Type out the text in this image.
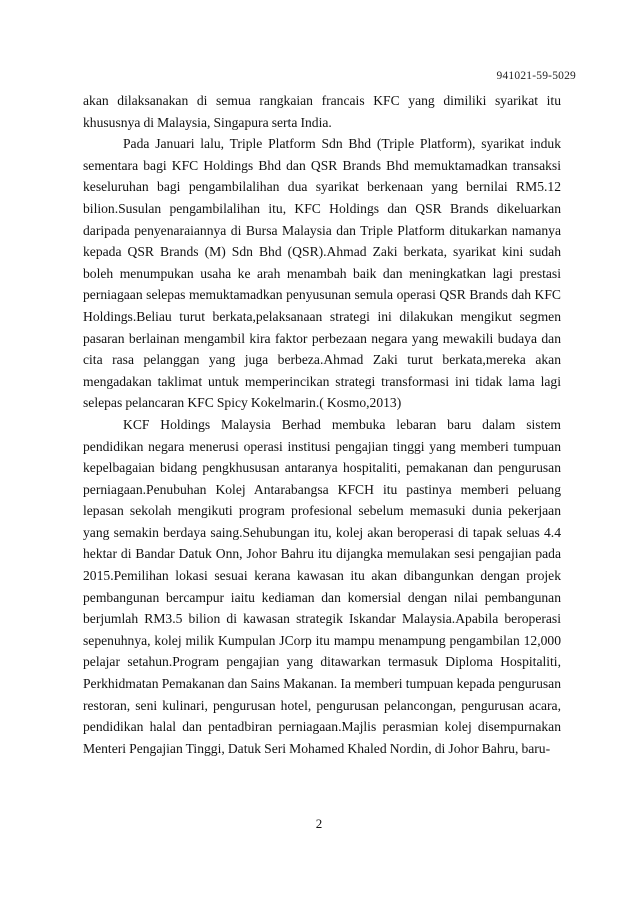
941021-59-5029

akan dilaksanakan di semua rangkaian francais KFC yang dimiliki syarikat itu khususnya di Malaysia, Singapura serta India.

Pada Januari lalu, Triple Platform Sdn Bhd (Triple Platform), syarikat induk sementara bagi KFC Holdings Bhd dan QSR Brands Bhd memuktamadkan transaksi keseluruhan bagi pengambilalihan dua syarikat berkenaan yang bernilai RM5.12 bilion.Susulan pengambilalihan itu, KFC Holdings dan QSR Brands dikeluarkan daripada penyenaraiannya di Bursa Malaysia dan Triple Platform ditukarkan namanya kepada QSR Brands (M) Sdn Bhd (QSR).Ahmad Zaki berkata, syarikat kini sudah boleh menumpukan usaha ke arah menambah baik dan meningkatkan lagi prestasi perniagaan selepas memuktamadkan penyusunan semula operasi QSR Brands dah KFC Holdings.Beliau turut berkata,pelaksanaan strategi ini dilakukan mengikut segmen pasaran berlainan mengambil kira faktor perbezaan negara yang mewakili budaya dan cita rasa pelanggan yang juga berbeza.Ahmad Zaki turut berkata,mereka akan mengadakan taklimat untuk memperincikan strategi transformasi ini tidak lama lagi selepas pelancaran KFC Spicy Kokelmarin.( Kosmo,2013)

KCF Holdings Malaysia Berhad membuka lebaran baru dalam sistem pendidikan negara menerusi operasi institusi pengajian tinggi yang memberi tumpuan kepelbagaian bidang pengkhususan antaranya hospitaliti, pemakanan dan pengurusan perniagaan.Penubuhan Kolej Antarabangsa KFCH itu pastinya memberi peluang lepasan sekolah mengikuti program profesional sebelum memasuki dunia pekerjaan yang semakin berdaya saing.Sehubungan itu, kolej akan beroperasi di tapak seluas 4.4 hektar di Bandar Datuk Onn, Johor Bahru itu dijangka memulakan sesi pengajian pada 2015.Pemilihan lokasi sesuai kerana kawasan itu akan dibangunkan dengan projek pembangunan bercampur iaitu kediaman dan komersial dengan nilai pembangunan berjumlah RM3.5 bilion di kawasan strategik Iskandar Malaysia.Apabila beroperasi sepenuhnya, kolej milik Kumpulan JCorp itu mampu menampung pengambilan 12,000 pelajar setahun.Program pengajian yang ditawarkan termasuk Diploma Hospitaliti, Perkhidmatan Pemakanan dan Sains Makanan. Ia memberi tumpuan kepada pengurusan restoran, seni kulinari, pengurusan hotel, pengurusan pelancongan, pengurusan acara, pendidikan halal dan pentadbiran perniagaan.Majlis perasmian kolej disempurnakan Menteri Pengajian Tinggi, Datuk Seri Mohamed Khaled Nordin, di Johor Bahru, baru-

2
